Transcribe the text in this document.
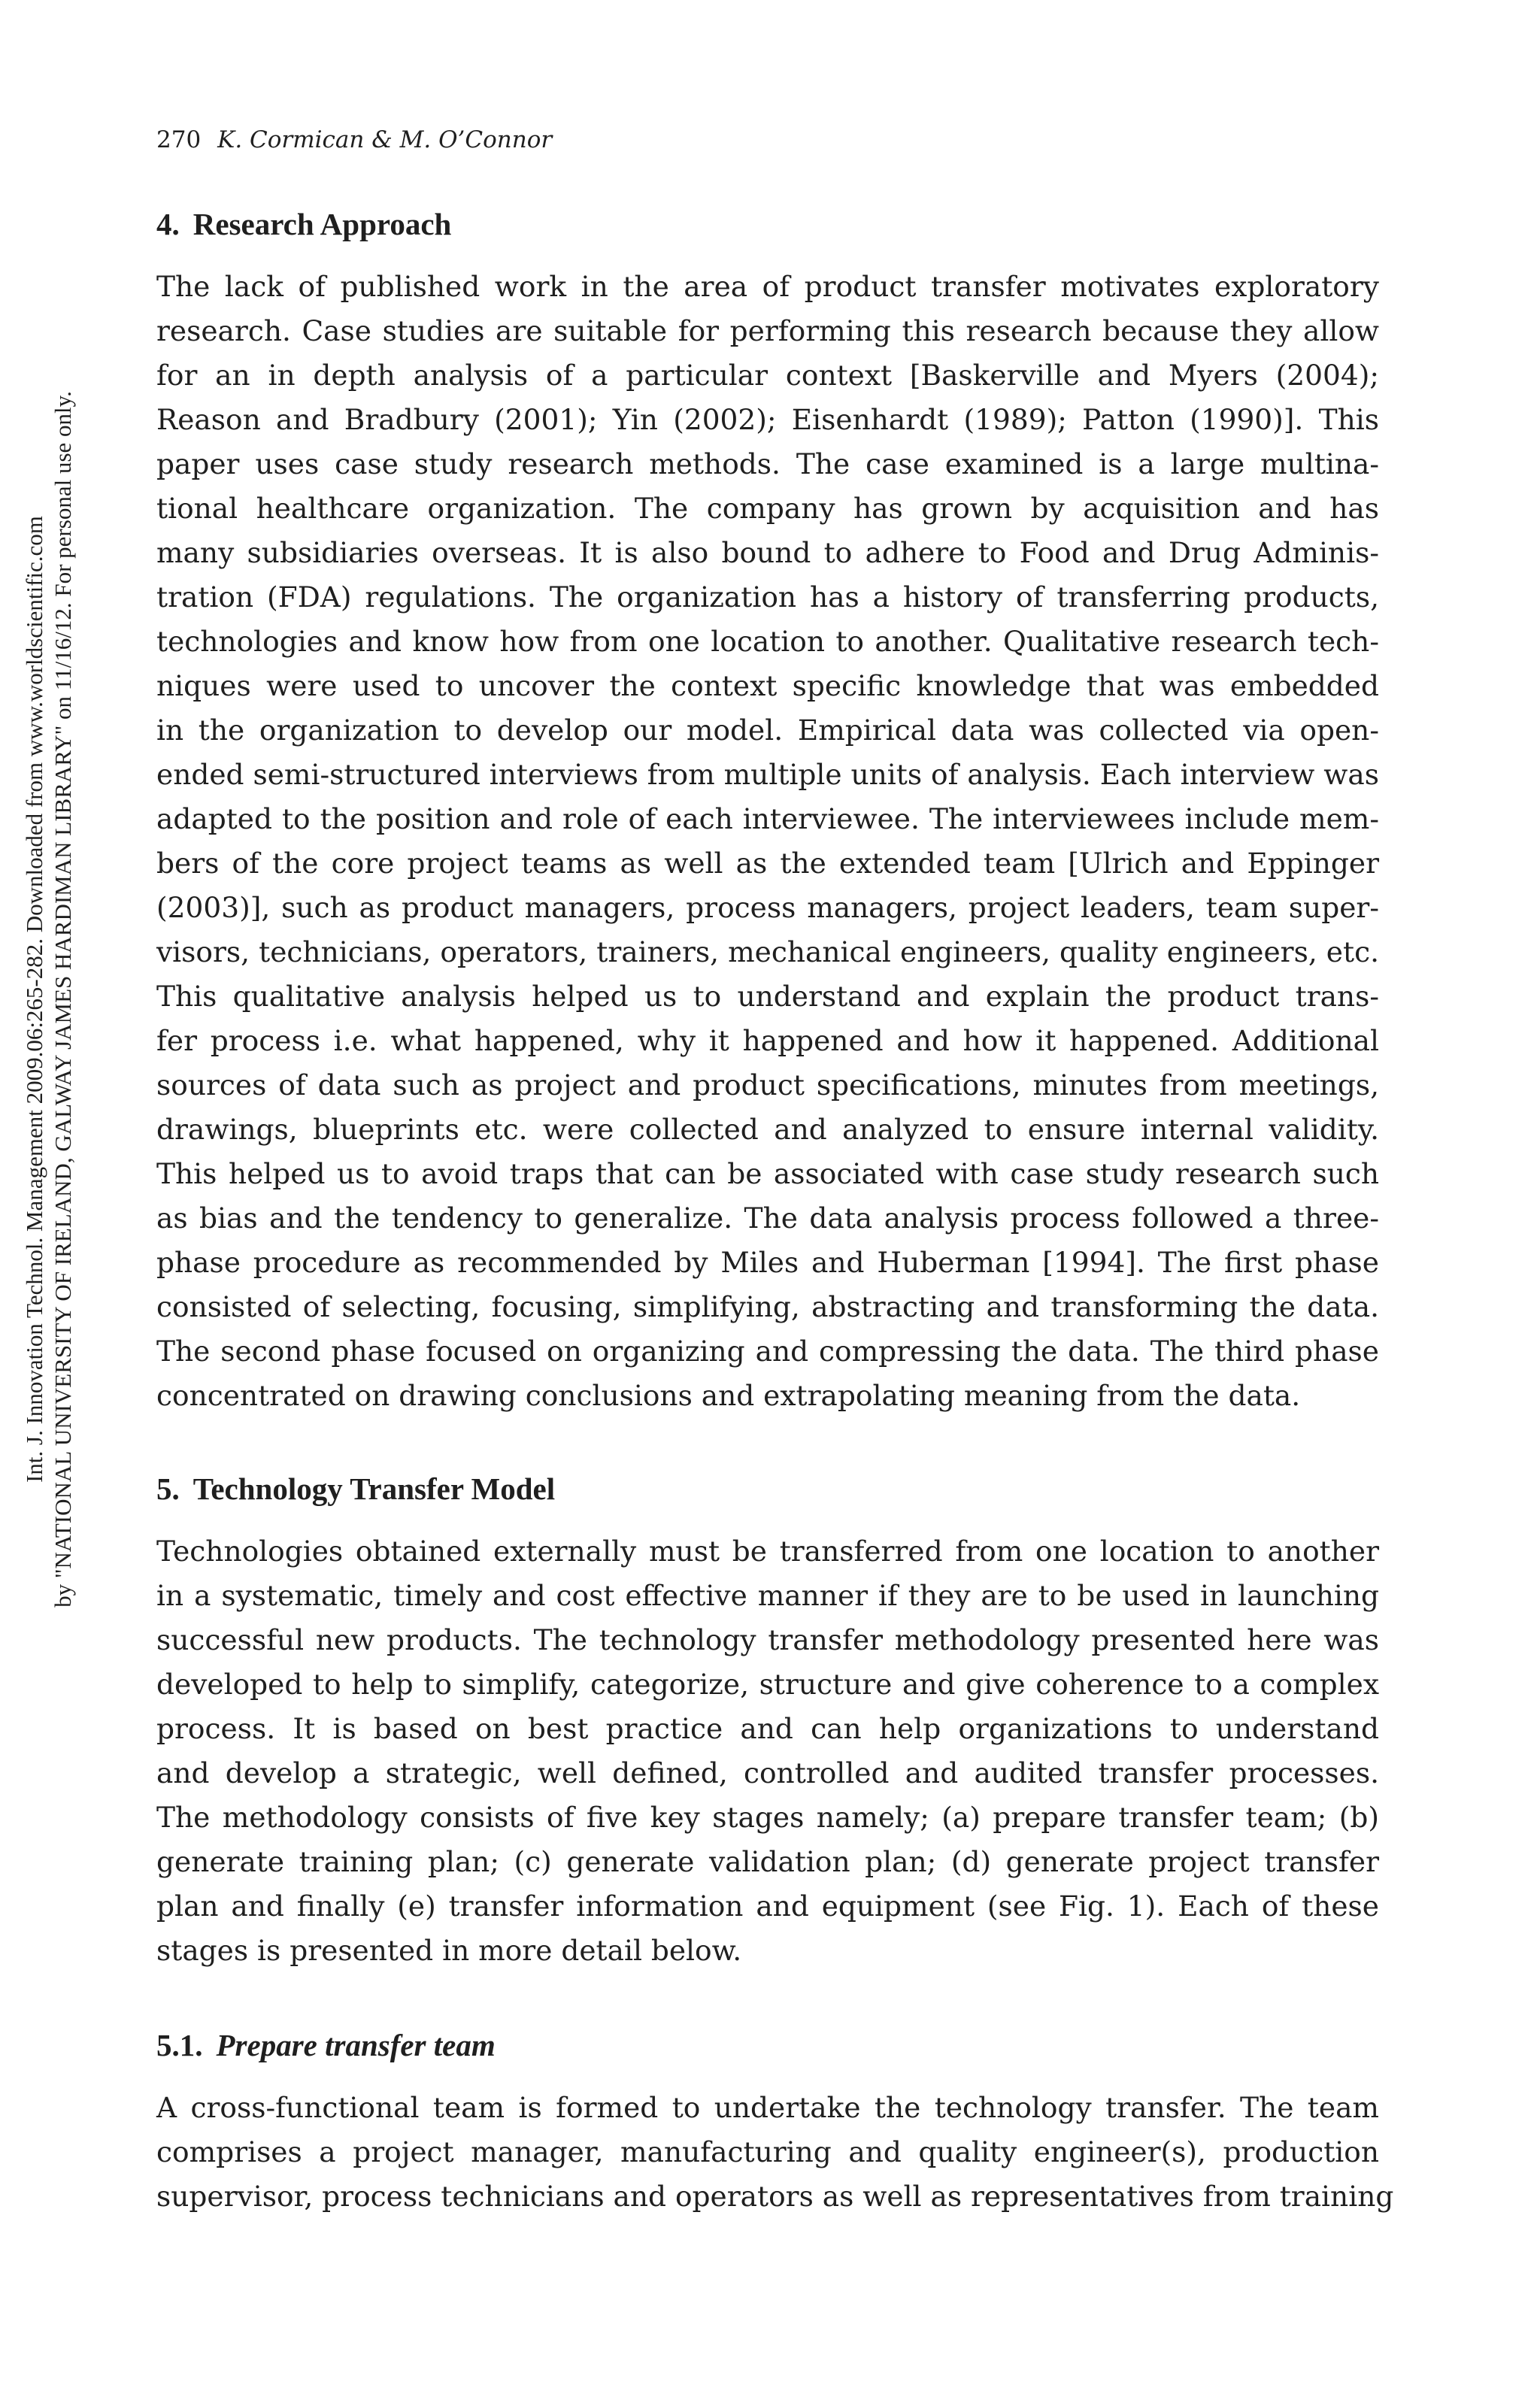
270 K. Cormican & M. O’Connor
Int. J. Innovation Technol. Management 2009.06:265-282. Downloaded from www.worldscientific.com by "NATIONAL UNIVERSITY OF IRELAND, GALWAY JAMES HARDIMAN LIBRARY" on 11/16/12. For personal use only.
4. Research Approach

The lack of published work in the area of product transfer motivates exploratory
research. Case studies are suitable for performing this research because they allow
for an in depth analysis of a particular context [Baskerville and Myers (2004);
Reason and Bradbury (2001); Yin (2002); Eisenhardt (1989); Patton (1990)]. This
paper uses case study research methods. The case examined is a large multina-
tional healthcare organization. The company has grown by acquisition and has
many subsidiaries overseas. It is also bound to adhere to Food and Drug Adminis-
tration (FDA) regulations. The organization has a history of transferring products,
technologies and know how from one location to another. Qualitative research tech-
niques were used to uncover the context specific knowledge that was embedded
in the organization to develop our model. Empirical data was collected via open-
ended semi-structured interviews from multiple units of analysis. Each interview was
adapted to the position and role of each interviewee. The interviewees include mem-
bers of the core project teams as well as the extended team [Ulrich and Eppinger
(2003)], such as product managers, process managers, project leaders, team super-
visors, technicians, operators, trainers, mechanical engineers, quality engineers, etc.
This qualitative analysis helped us to understand and explain the product trans-
fer process i.e. what happened, why it happened and how it happened. Additional
sources of data such as project and product specifications, minutes from meetings,
drawings, blueprints etc. were collected and analyzed to ensure internal validity.
This helped us to avoid traps that can be associated with case study research such
as bias and the tendency to generalize. The data analysis process followed a three-
phase procedure as recommended by Miles and Huberman [1994]. The first phase
consisted of selecting, focusing, simplifying, abstracting and transforming the data.
The second phase focused on organizing and compressing the data. The third phase
concentrated on drawing conclusions and extrapolating meaning from the data.

5. Technology Transfer Model

Technologies obtained externally must be transferred from one location to another
in a systematic, timely and cost effective manner if they are to be used in launching
successful new products. The technology transfer methodology presented here was
developed to help to simplify, categorize, structure and give coherence to a complex
process. It is based on best practice and can help organizations to understand
and develop a strategic, well defined, controlled and audited transfer processes.
The methodology consists of five key stages namely; (a) prepare transfer team; (b)
generate training plan; (c) generate validation plan; (d) generate project transfer
plan and finally (e) transfer information and equipment (see Fig. 1). Each of these
stages is presented in more detail below.

5.1. Prepare transfer team

A cross-functional team is formed to undertake the technology transfer. The team
comprises a project manager, manufacturing and quality engineer(s), production
supervisor, process technicians and operators as well as representatives from training
